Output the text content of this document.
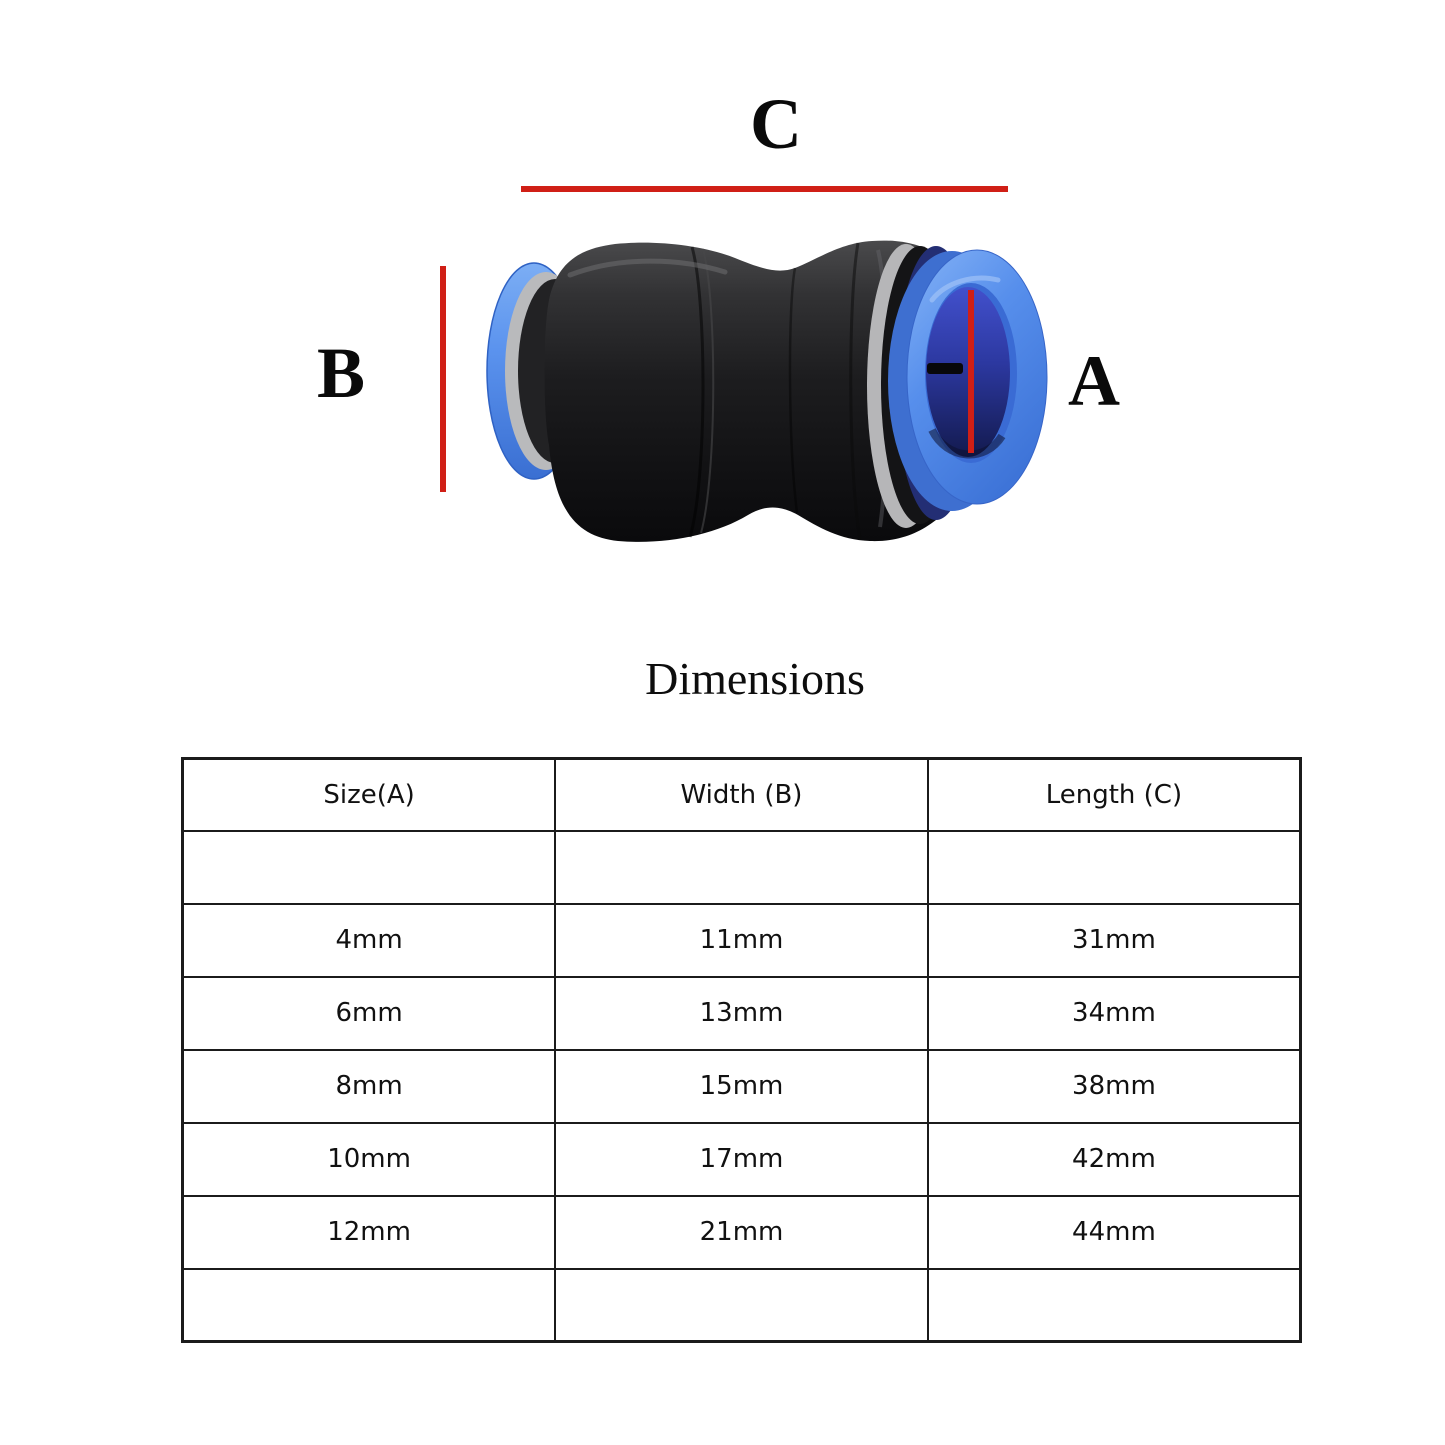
C
B	A
Dimensions
Size(A)	Width (B)	Length (C)

4mm	11mm	31mm
6mm	13mm	34mm
8mm	15mm	38mm
10mm	17mm	42mm
12mm	21mm	44mm
